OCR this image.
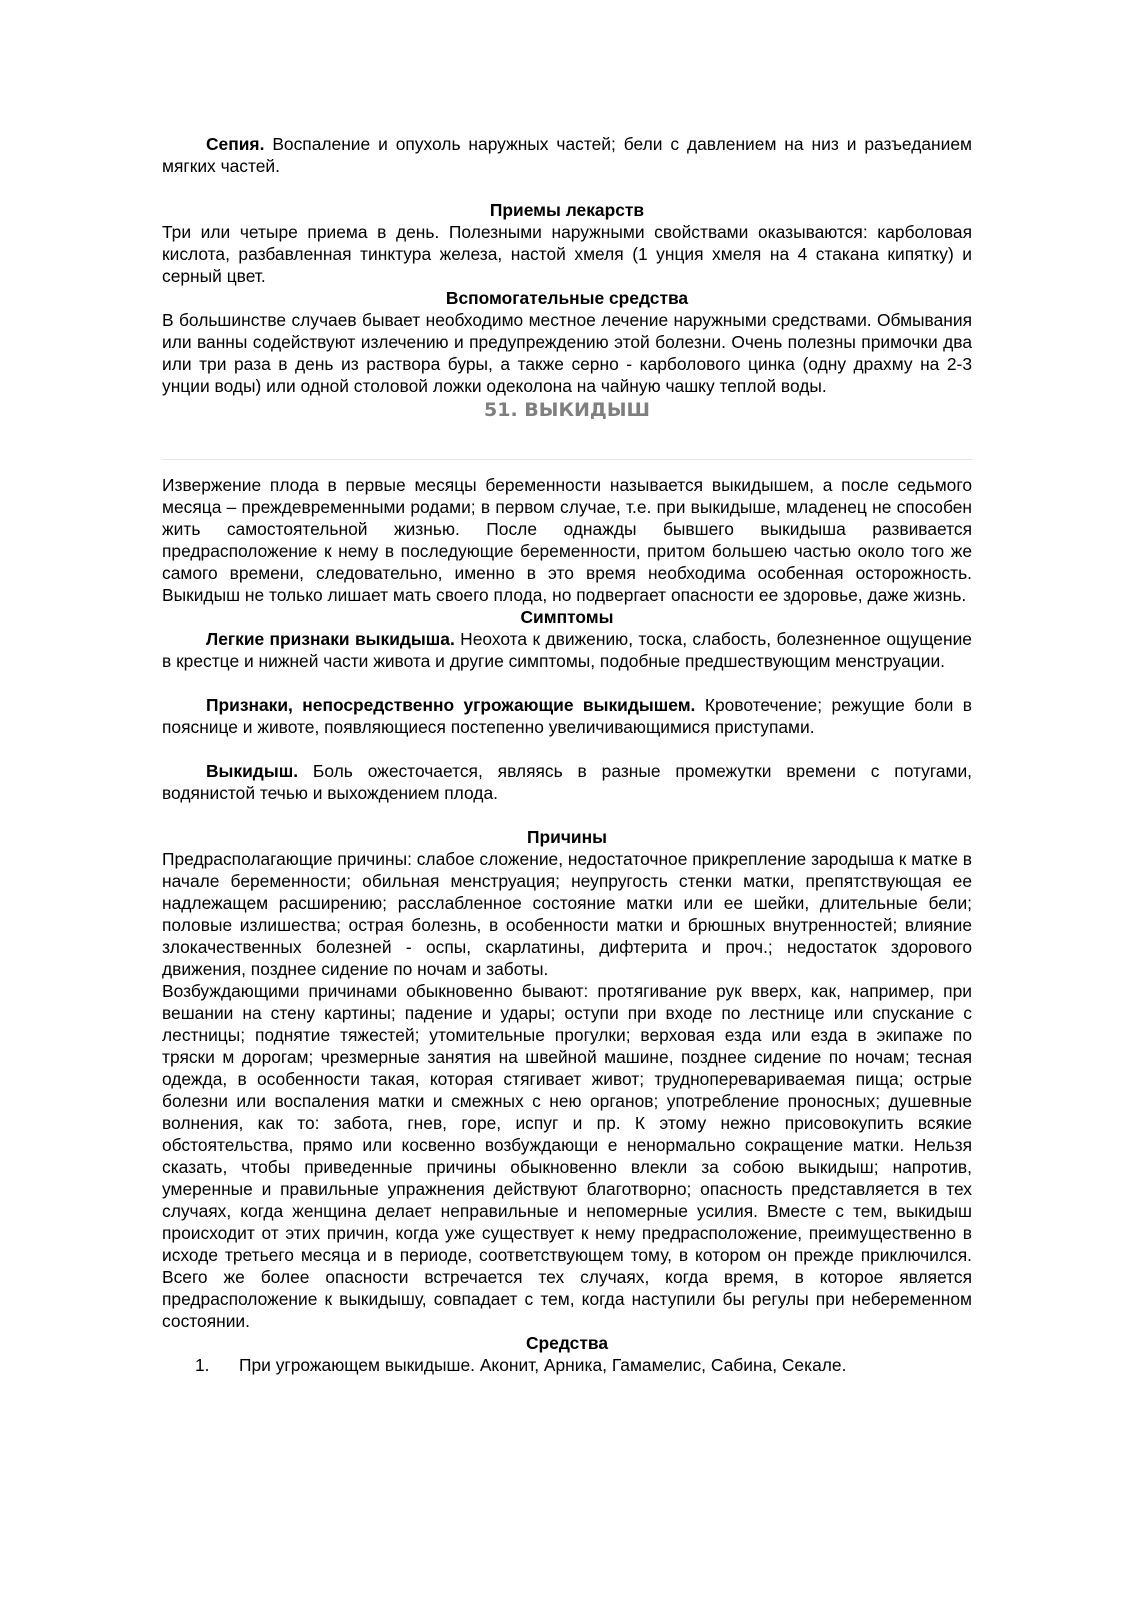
Сепия. Воспаление и опухоль наружных частей; бели с давлением на низ и разъеданием мягких частей.

Приемы лекарств

Три или четыре приема в день. Полезными наружными свойствами оказываются: карболовая кислота, разбавленная тинктура железа, настой хмеля (1 унция хмеля на 4 стакана кипятку) и серный цвет.

Вспомогательные средства

В большинстве случаев бывает необходимо местное лечение наружными средствами. Обмывания или ванны содействуют излечению и предупреждению этой болезни. Очень полезны примочки два или три раза в день из раствора буры, а также серно - карболового цинка (одну драхму на 2-3 унции воды) или одной столовой ложки одеколона на чайную чашку теплой воды.

51. ВЫКИДЫШ

Извержение плода в первые месяцы беременности называется выкидышем, а после седьмого месяца – преждевременными родами; в первом случае, т.е. при выкидыше, младенец не способен жить самостоятельной жизнью. После однажды бывшего выкидыша развивается предрасположение к нему в последующие беременности, притом большею частью около того же самого времени, следовательно, именно в это время необходима особенная осторожность. Выкидыш не только лишает мать своего плода, но подвергает опасности ее здоровье, даже жизнь.

Симптомы

Легкие признаки выкидыша. Неохота к движению, тоска, слабость, болезненное ощущение в крестце и нижней части живота и другие симптомы, подобные предшествующим менструации.

Признаки, непосредственно угрожающие выкидышем. Кровотечение; режущие боли в пояснице и животе, появляющиеся постепенно увеличивающимися приступами.

Выкидыш. Боль ожесточается, являясь в разные промежутки времени с потугами, водянистой течью и выхождением плода.

Причины

Предрасполагающие причины: слабое сложение, недостаточное прикрепление зародыша к матке в начале беременности; обильная менструация; неупругость стенки матки, препятствующая ее надлежащем расширению; расслабленное состояние матки или ее шейки, длительные бели; половые излишества; острая болезнь, в особенности матки и брюшных внутренностей; влияние злокачественных болезней - оспы, скарлатины, дифтерита и проч.; недостаток здорового движения, позднее сидение по ночам и заботы.

Возбуждающими причинами обыкновенно бывают: протягивание рук вверх, как, например, при вешании на стену картины; падение и удары; оступи при входе по лестнице или спускание с лестницы; поднятие тяжестей; утомительные прогулки; верховая езда или езда в экипаже по тряски м дорогам; чрезмерные занятия на швейной машине, позднее сидение по ночам; тесная одежда, в особенности такая, которая стягивает живот; трудноперевариваемая пища; острые болезни или воспаления матки и смежных с нею органов; употребление проносных; душевные волнения, как то: забота, гнев, горе, испуг и пр. К этому нежно присовокупить всякие обстоятельства, прямо или косвенно возбуждающи е ненормально сокращение матки. Нельзя сказать, чтобы приведенные причины обыкновенно влекли за собою выкидыш; напротив, умеренные и правильные упражнения действуют благотворно; опасность представляется в тех случаях, когда женщина делает неправильные и непомерные усилия. Вместе с тем, выкидыш происходит от этих причин, когда уже существует к нему предрасположение, преимущественно в исходе третьего месяца и в периоде, соответствующем тому, в котором он прежде приключился. Всего же более опасности встречается тех случаях, когда время, в которое является предрасположение к выкидышу, совпадает с тем, когда наступили бы регулы при небеременном состоянии.

Средства

1. При угрожающем выкидыше. Аконит, Арника, Гамамелис, Сабина, Секале.
